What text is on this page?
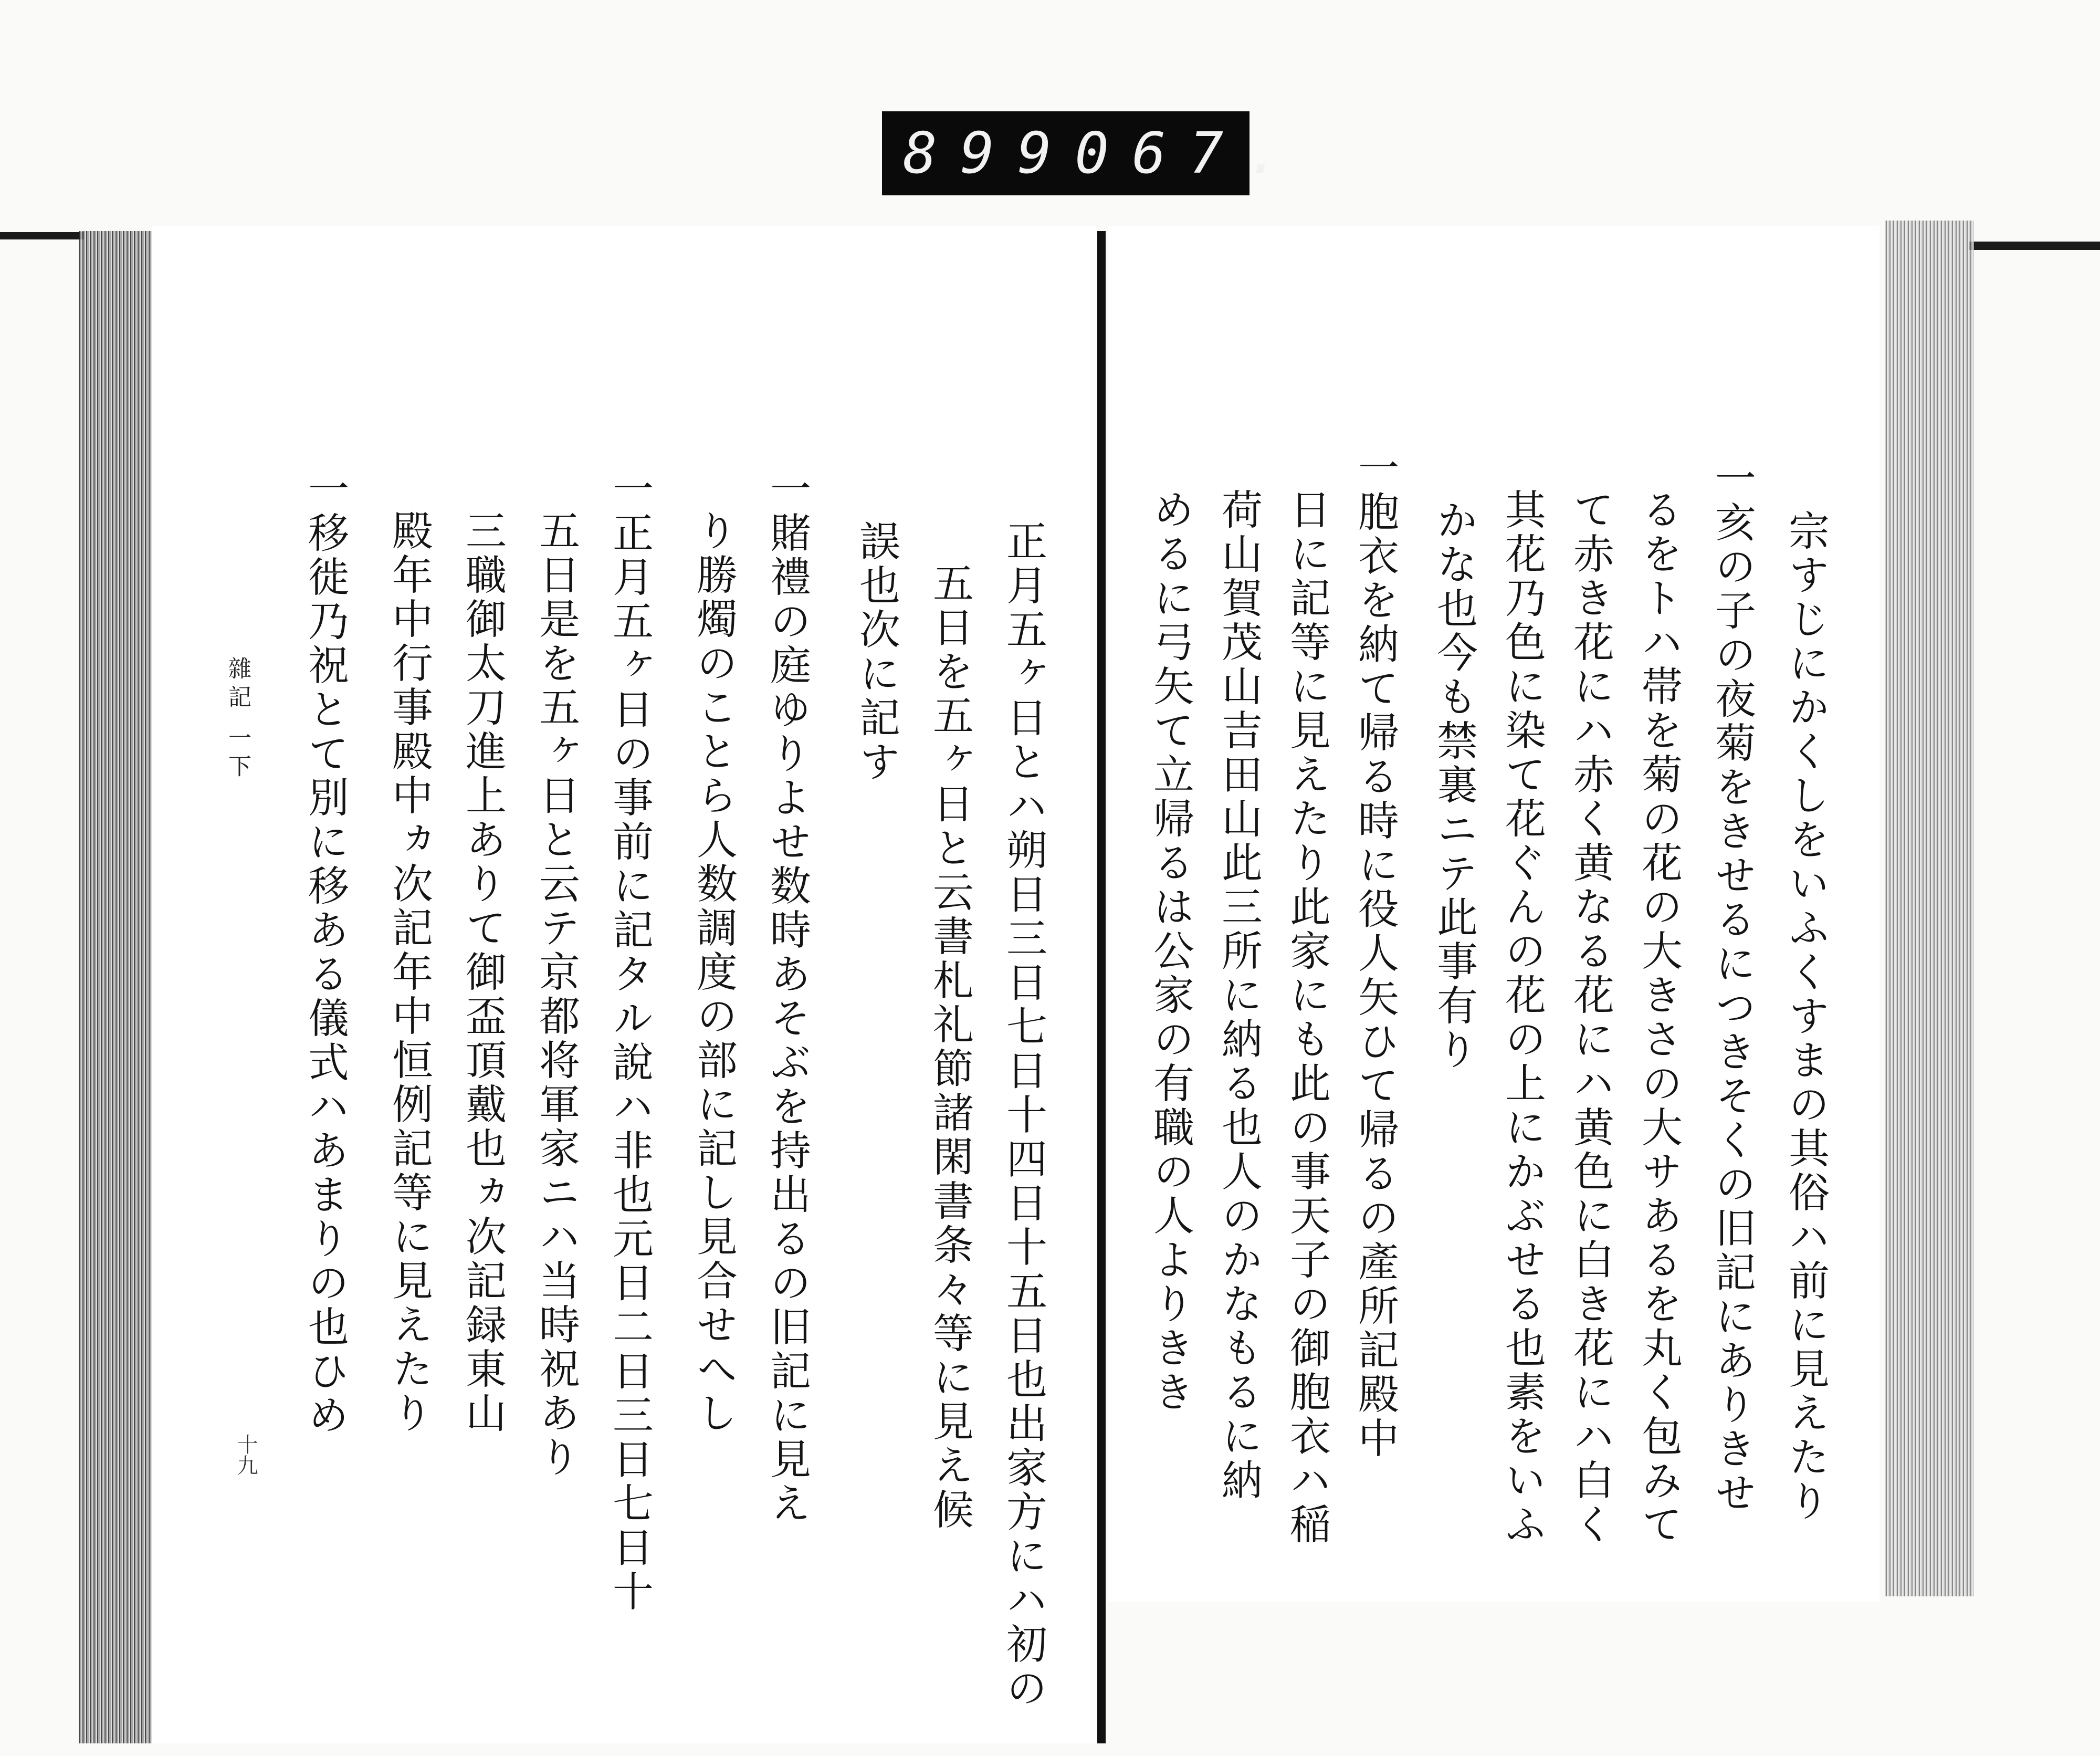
899 067.
雜記 一下
十九	正月五ヶ日とハ朔日三日七日十四日十五日也出家方にハ初の
五日を五ヶ日と云書札礼節諸閑書条々等に見え候
誤也次に記す
一賭禮の庭ゆりよせ数時あそぶを持出るの旧記に見え
り勝燭のことら人数調度の部に記し見合せへし
一正月五ヶ日の事前に記タル說ハ非也元日二日三日七日十
五日是を五ヶ日と云テ京都将軍家ニハ当時祝あり
三職御太刀進上ありて御盃頂戴也ヵ次記録東山
殿年中行事殿中ヵ次記年中恒例記等に見えたり
一移徙乃祝とて別に移ある儀式ハあまりの也ひめ	宗すじにかくしをいふくすまの其俗ハ前に見えたり
一亥の子の夜菊をきせるにつきそくの旧記にありきせ
るをトハ帯を菊の花の大きさの大サあるを丸く包みて
て赤き花にハ赤く黄なる花にハ黄色に白き花にハ白く
其花乃色に染て花ぐんの花の上にかぶせる也素をいふ
かな也今も禁裏ニテ此事有り
一胞衣を納て帰る時に役人矢ひて帰るの產所記殿中
日に記等に見えたり此家にも此の事天子の御胞衣ハ稲
荷山賀茂山吉田山此三所に納る也人のかなもるに納
めるに弓矢て立帰るは公家の有職の人よりきき
